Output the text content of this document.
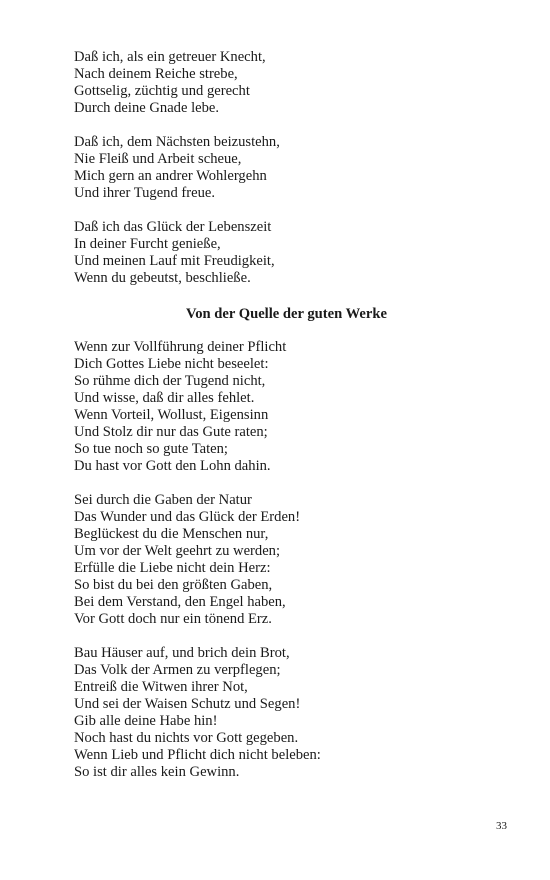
Daß ich, als ein getreuer Knecht,
Nach deinem Reiche strebe,
Gottselig, züchtig und gerecht
Durch deine Gnade lebe.
Daß ich, dem Nächsten beizustehn,
Nie Fleiß und Arbeit scheue,
Mich gern an andrer Wohlergehn
Und ihrer Tugend freue.
Daß ich das Glück der Lebenszeit
In deiner Furcht genieße,
Und meinen Lauf mit Freudigkeit,
Wenn du gebeutst, beschließe.
Von der Quelle der guten Werke
Wenn zur Vollführung deiner Pflicht
Dich Gottes Liebe nicht beseelet:
So rühme dich der Tugend nicht,
Und wisse, daß dir alles fehlet.
Wenn Vorteil, Wollust, Eigensinn
Und Stolz dir nur das Gute raten;
So tue noch so gute Taten;
Du hast vor Gott den Lohn dahin.
Sei durch die Gaben der Natur
Das Wunder und das Glück der Erden!
Beglückest du die Menschen nur,
Um vor der Welt geehrt zu werden;
Erfülle die Liebe nicht dein Herz:
So bist du bei den größten Gaben,
Bei dem Verstand, den Engel haben,
Vor Gott doch nur ein tönend Erz.
Bau Häuser auf, und brich dein Brot,
Das Volk der Armen zu verpflegen;
Entreiß die Witwen ihrer Not,
Und sei der Waisen Schutz und Segen!
Gib alle deine Habe hin!
Noch hast du nichts vor Gott gegeben.
Wenn Lieb und Pflicht dich nicht beleben:
So ist dir alles kein Gewinn.
33
